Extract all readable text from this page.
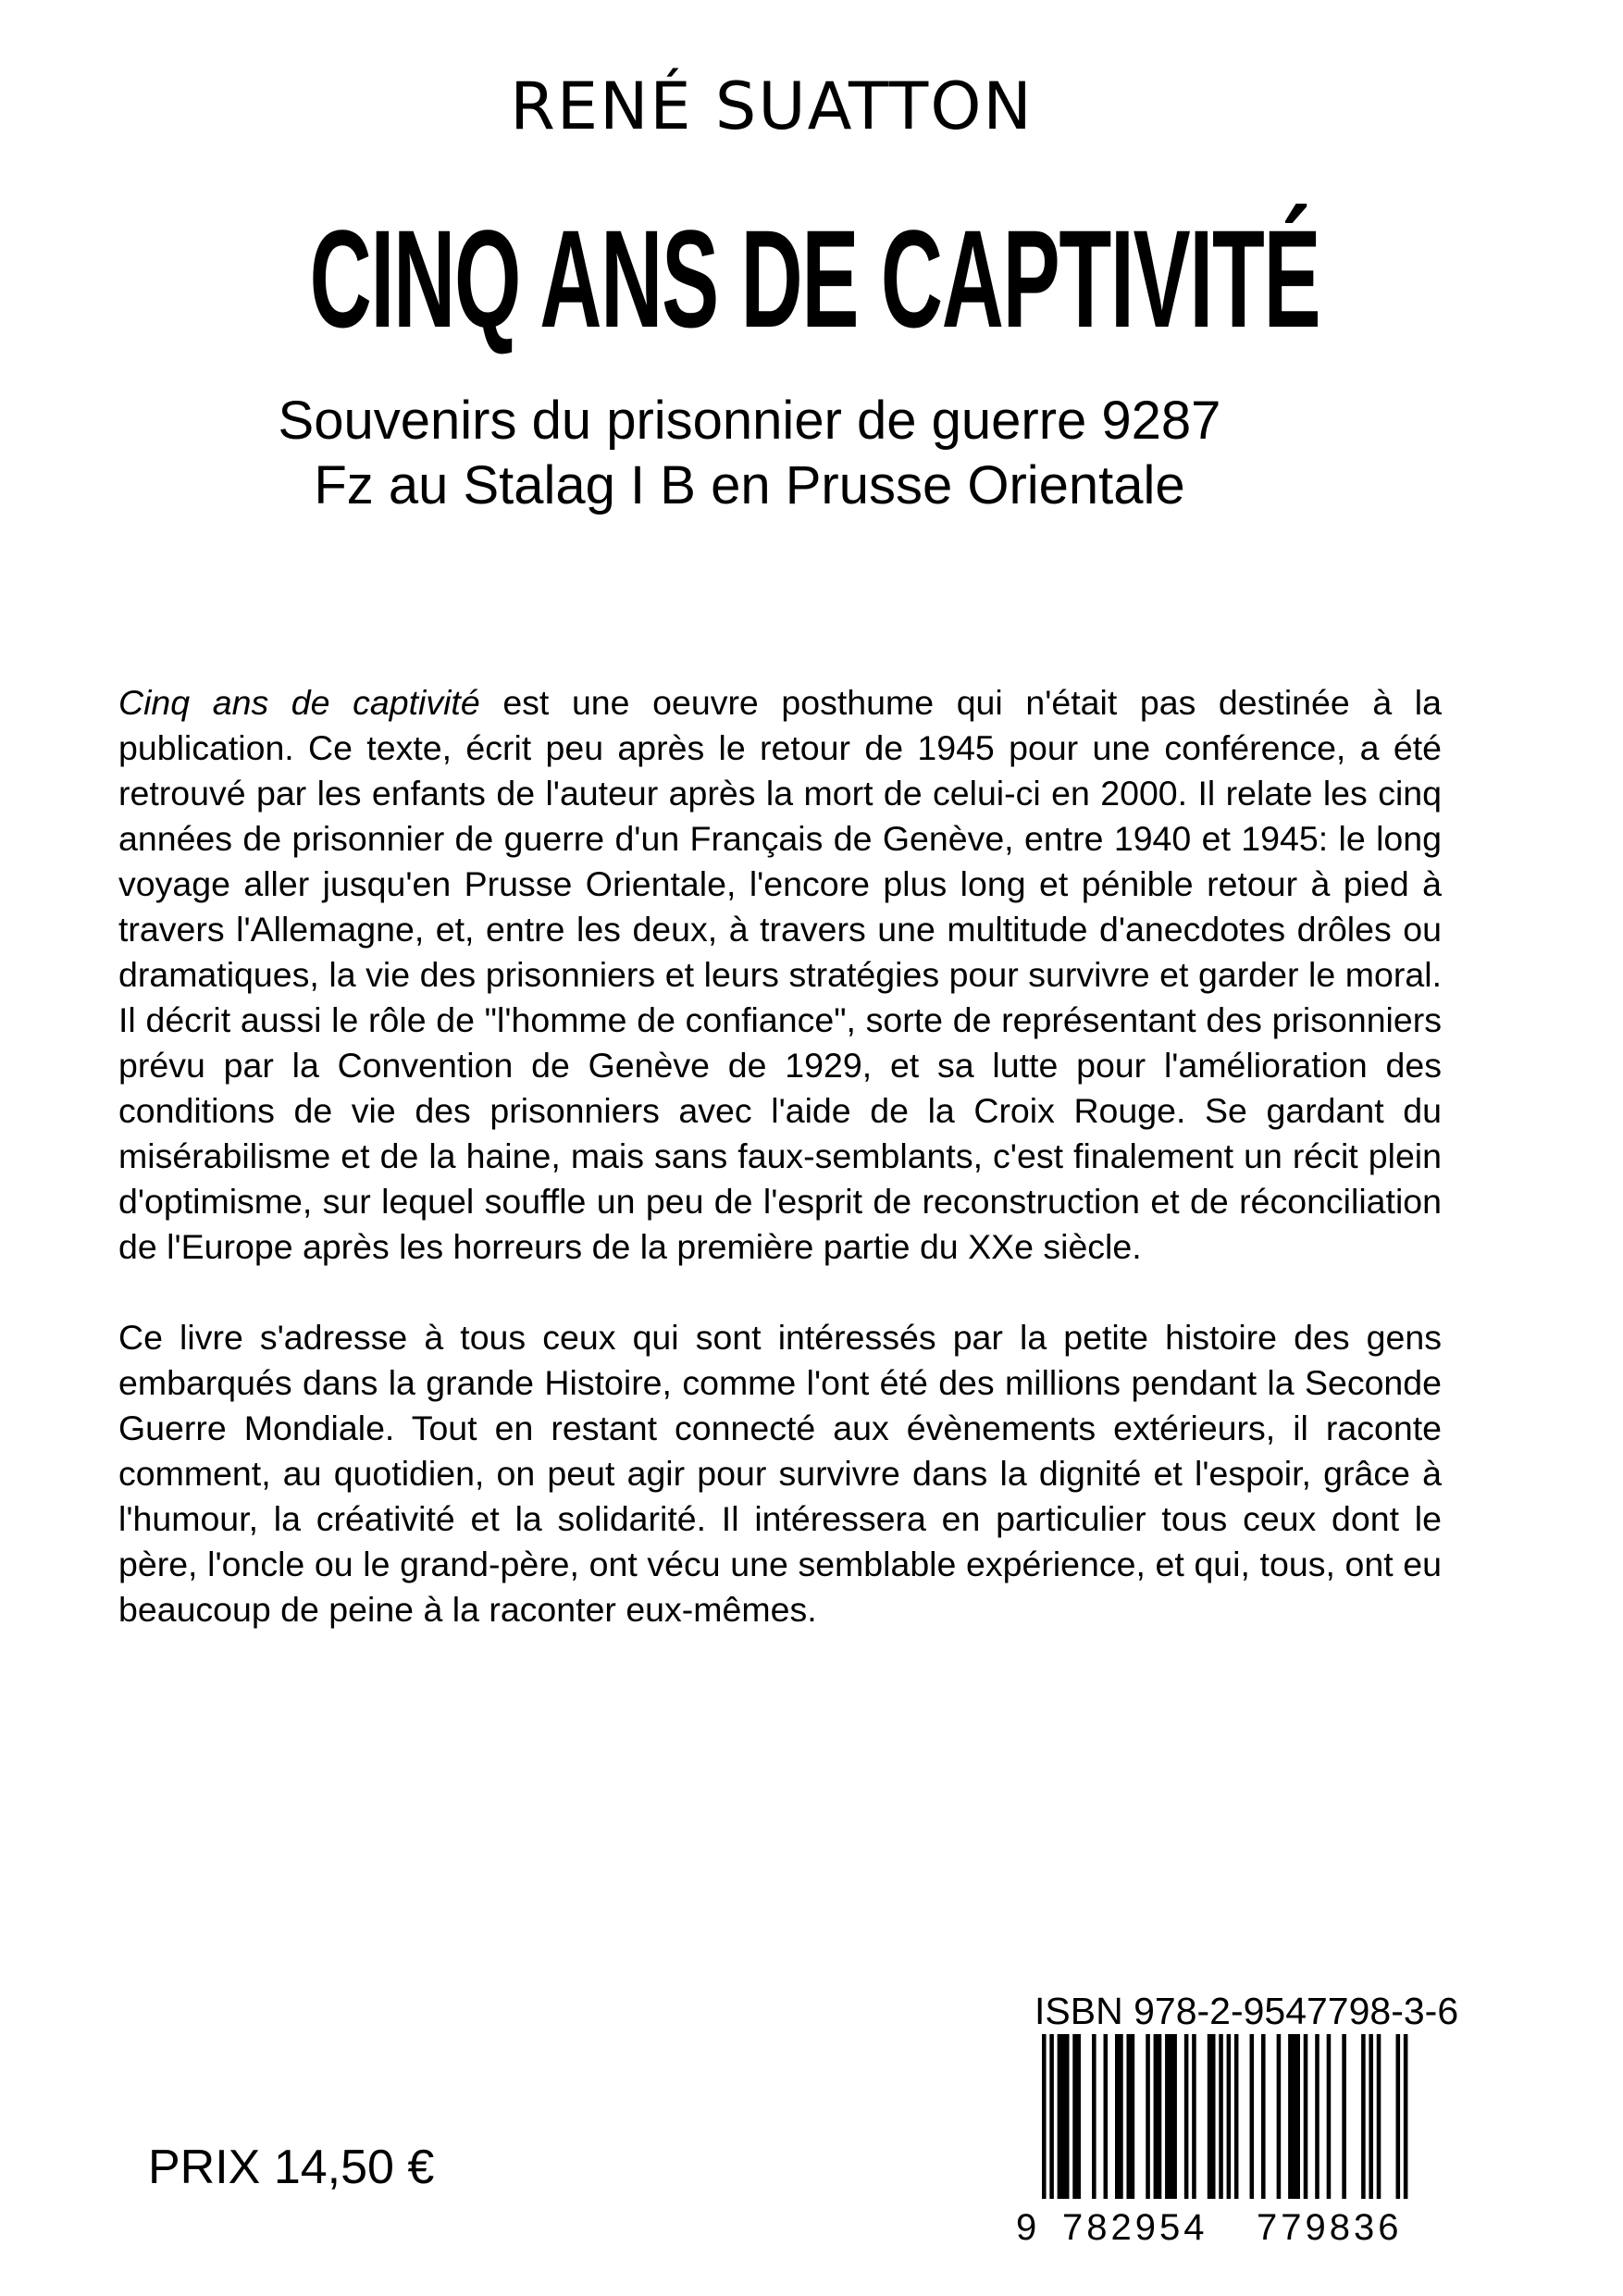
RENÉ SUATTON
CINQ ANS DE CAPTIVITÉ
Souvenirs du prisonnier de guerre 9287
Fz au Stalag I B en Prusse Orientale

Cinq ans de captivité est une oeuvre posthume qui n'était pas destinée à la publication. Ce texte, écrit peu après le retour de 1945 pour une conférence, a été retrouvé par les enfants de l'auteur après la mort de celui-ci en 2000. Il relate les cinq années de prisonnier de guerre d'un Français de Genève, entre 1940 et 1945: le long voyage aller jusqu'en Prusse Orientale, l'encore plus long et pénible retour à pied à travers l'Allemagne, et, entre les deux, à travers une multitude d'anecdotes drôles ou dramatiques, la vie des prisonniers et leurs stratégies pour survivre et garder le moral. Il décrit aussi le rôle de "l'homme de confiance", sorte de représentant des prisonniers prévu par la Convention de Genève de 1929, et sa lutte pour l'amélioration des conditions de vie des prisonniers avec l'aide de la Croix Rouge. Se gardant du misérabilisme et de la haine, mais sans faux-semblants, c'est finalement un récit plein d'optimisme, sur lequel souffle un peu de l'esprit de reconstruction et de réconciliation de l'Europe après les horreurs de la première partie du XXe siècle.

Ce livre s'adresse à tous ceux qui sont intéressés par la petite histoire des gens embarqués dans la grande Histoire, comme l'ont été des millions pendant la Seconde Guerre Mondiale. Tout en restant connecté aux évènements extérieurs, il raconte comment, au quotidien, on peut agir pour survivre dans la dignité et l'espoir, grâce à l'humour, la créativité et la solidarité. Il intéressera en particulier tous ceux dont le père, l'oncle ou le grand-père, ont vécu une semblable expérience, et qui, tous, ont eu beaucoup de peine à la raconter eux-mêmes.

ISBN 978-2-9547798-3-6
9 782954 779836
PRIX 14,50 €
